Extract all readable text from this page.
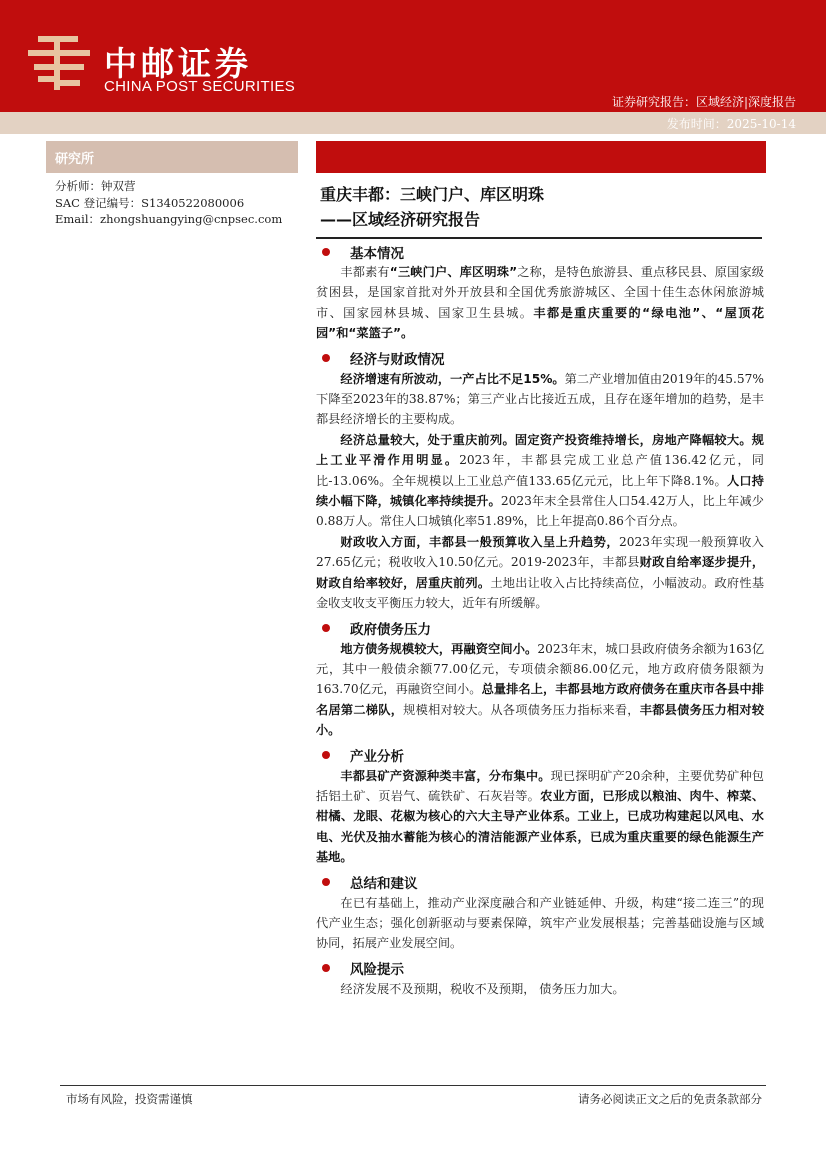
中邮证券
CHINA POST SECURITIES
证券研究报告：区域经济|深度报告
发布时间：2025-10-14
研究所
分析师：钟双营
SAC 登记编号：S1340522080006
Email：zhongshuangying@cnpsec.com
重庆丰都：三峡门户、库区明珠
——区域经济研究报告
基本情况
丰都素有“三峡门户、库区明珠”之称，是特色旅游县、重点移民县、原国家级贫困县，是国家首批对外开放县和全国优秀旅游城区、全国十佳生态休闲旅游城市、国家园林县城、国家卫生县城。丰都是重庆重要的“绿电池”、“屋顶花园”和“菜篮子”。
经济与财政情况
经济增速有所波动，一产占比不足15%。第二产业增加值由2019年的45.57%下降至2023年的38.87%；第三产业占比接近五成，且存在逐年增加的趋势，是丰都县经济增长的主要构成。
经济总量较大，处于重庆前列。固定资产投资维持增长，房地产降幅较大。规上工业平滑作用明显。2023年，丰都县完成工业总产值136.42亿元，同比-13.06%。全年规模以上工业总产值133.65亿元元，比上年下降8.1%。人口持续小幅下降，城镇化率持续提升。2023年末全县常住人口54.42万人，比上年减少0.88万人。常住人口城镇化率51.89%，比上年提高0.86个百分点。
财政收入方面，丰都县一般预算收入呈上升趋势，2023年实现一般预算收入27.65亿元；税收收入10.50亿元。2019-2023年，丰都县财政自给率逐步提升，财政自给率较好，居重庆前列。土地出让收入占比持续高位，小幅波动。政府性基金收支收支平衡压力较大，近年有所缓解。
政府债务压力
地方债务规模较大，再融资空间小。2023年末，城口县政府债务余额为163亿元，其中一般债余额77.00亿元，专项债余额86.00亿元，地方政府债务限额为163.70亿元，再融资空间小。总量排名上，丰都县地方政府债务在重庆市各县中排名居第二梯队，规模相对较大。从各项债务压力指标来看，丰都县债务压力相对较小。
产业分析
丰都县矿产资源种类丰富，分布集中。现已探明矿产20余种，主要优势矿种包括铝土矿、页岩气、硫铁矿、石灰岩等。农业方面，已形成以粮油、肉牛、榨菜、柑橘、龙眼、花椒为核心的六大主导产业体系。工业上，已成功构建起以风电、水电、光伏及抽水蓄能为核心的清洁能源产业体系，已成为重庆重要的绿色能源生产基地。
总结和建议
在已有基础上，推动产业深度融合和产业链延伸、升级，构建“接二连三”的现代产业生态；强化创新驱动与要素保障，筑牢产业发展根基；完善基础设施与区域协同，拓展产业发展空间。
风险提示
经济发展不及预期，税收不及预期， 债务压力加大。
市场有风险，投资需谨慎	请务必阅读正文之后的免责条款部分
